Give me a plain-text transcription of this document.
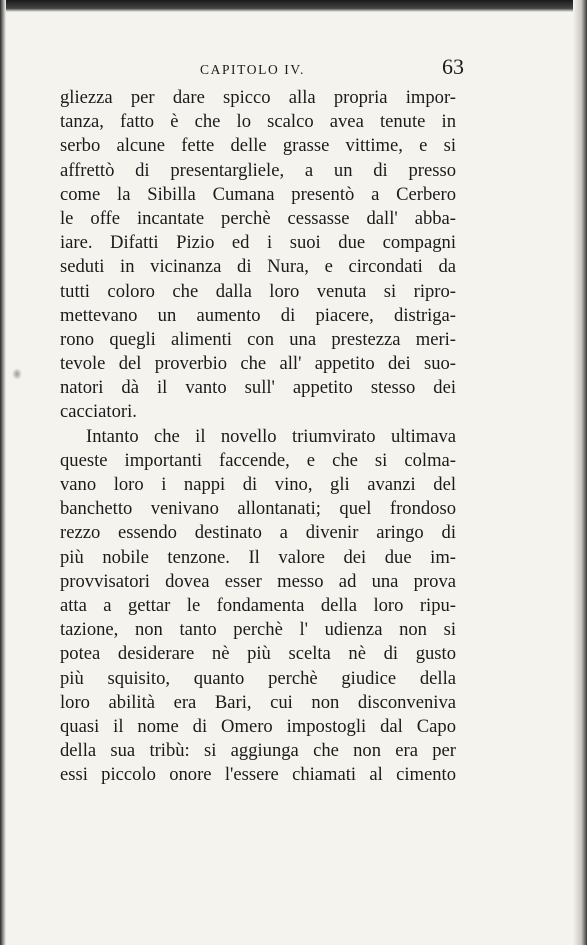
CAPITOLO IV.	63
gliezza per dare spicco alla propria impor-
tanza, fatto è che lo scalco avea tenute in
serbo alcune fette delle grasse vittime, e si
affrettò di presentargliele, a un di presso
come la Sibilla Cumana presentò a Cerbero
le offe incantate perchè cessasse dall' abba-
iare. Difatti Pizio ed i suoi due compagni
seduti in vicinanza di Nura, e circondati da
tutti coloro che dalla loro venuta si ripro-
mettevano un aumento di piacere, distriga-
rono quegli alimenti con una prestezza meri-
tevole del proverbio che all' appetito dei suo-
natori dà il vanto sull' appetito stesso dei
cacciatori.
Intanto che il novello triumvirato ultimava
queste importanti faccende, e che si colma-
vano loro i nappi di vino, gli avanzi del
banchetto venivano allontanati; quel frondoso
rezzo essendo destinato a divenir aringo di
più nobile tenzone. Il valore dei due im-
provvisatori dovea esser messo ad una prova
atta a gettar le fondamenta della loro ripu-
tazione, non tanto perchè l' udienza non si
potea desiderare nè più scelta nè di gusto
più squisito, quanto perchè giudice della
loro abilità era Bari, cui non disconveniva
quasi il nome di Omero impostogli dal Capo
della sua tribù: si aggiunga che non era per
essi piccolo onore l'essere chiamati al cimento
